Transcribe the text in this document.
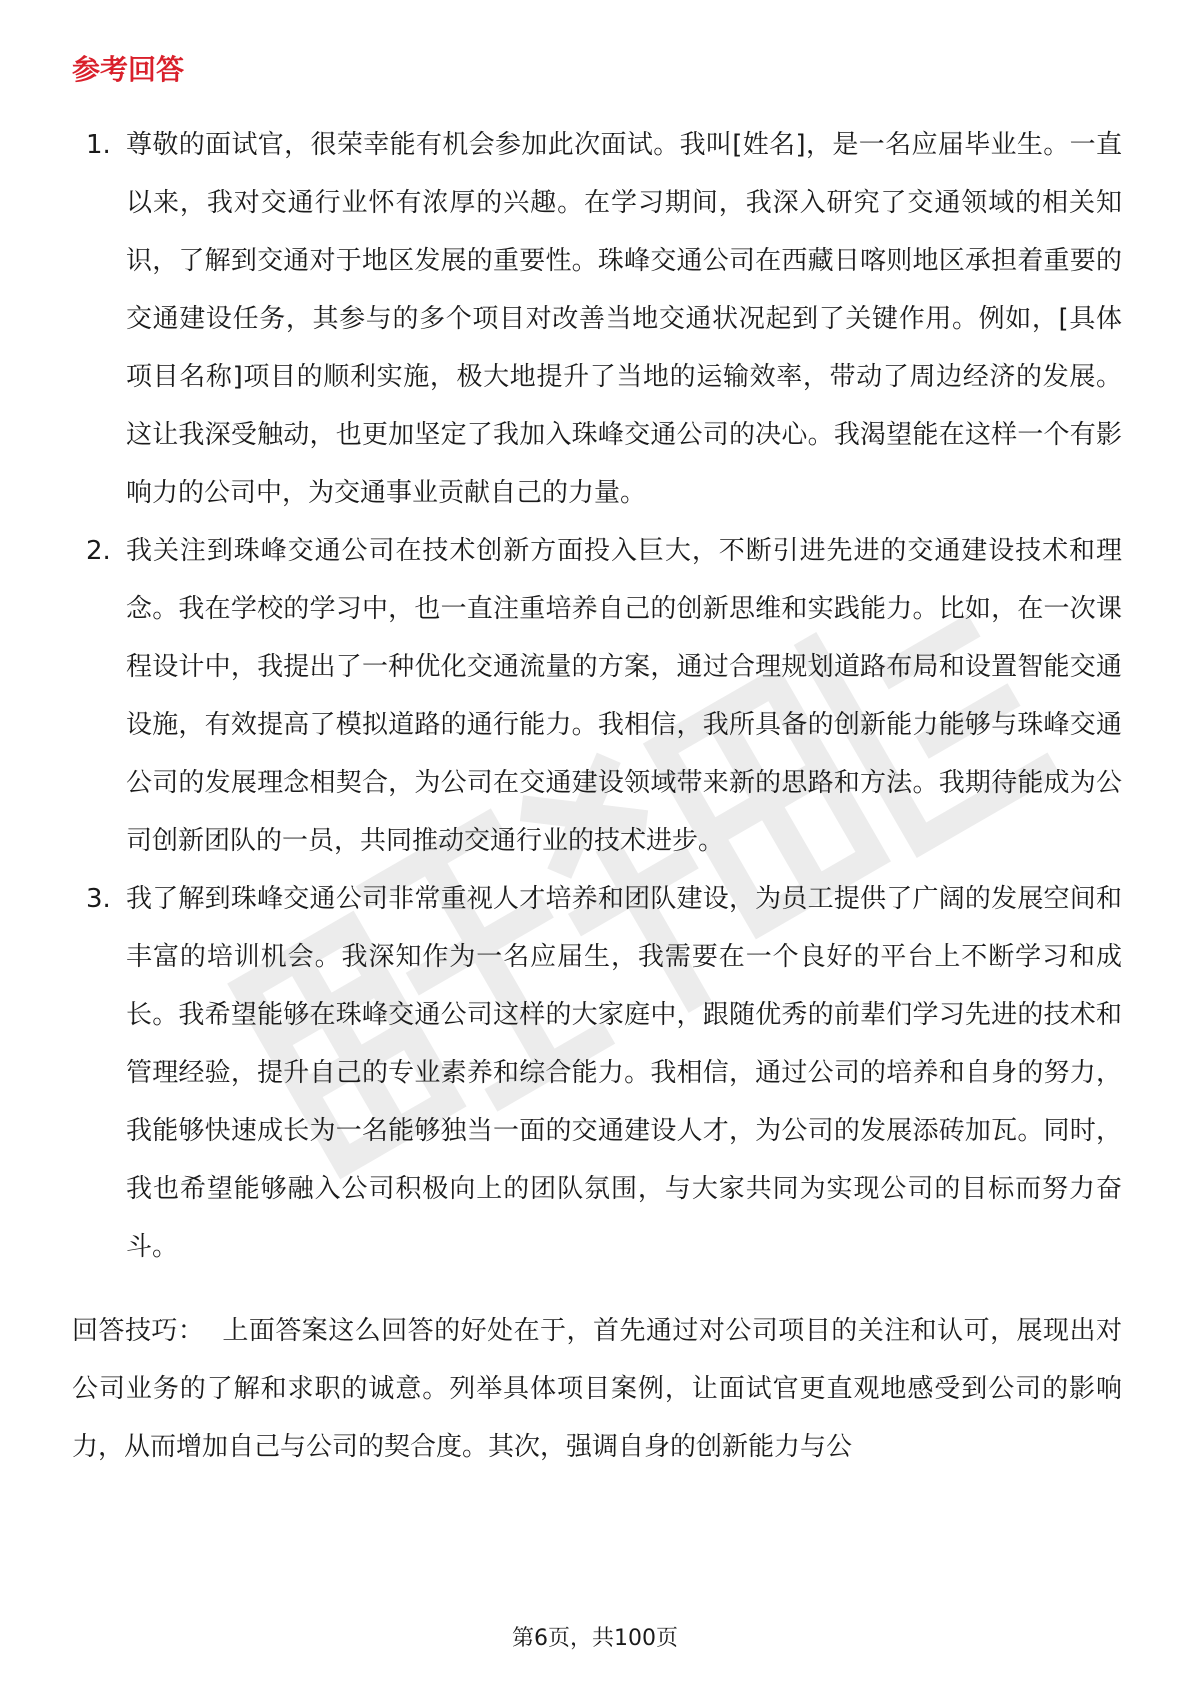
参考回答
1. 尊敬的面试官，很荣幸能有机会参加此次面试。我叫[姓名]，是一名应届毕业生。一直以来，我对交通行业怀有浓厚的兴趣。在学习期间，我深入研究了交通领域的相关知识，了解到交通对于地区发展的重要性。珠峰交通公司在西藏日喀则地区承担着重要的交通建设任务，其参与的多个项目对改善当地交通状况起到了关键作用。例如，[具体项目名称]项目的顺利实施，极大地提升了当地的运输效率，带动了周边经济的发展。这让我深受触动，也更加坚定了我加入珠峰交通公司的决心。我渴望能在这样一个有影响力的公司中，为交通事业贡献自己的力量。
2. 我关注到珠峰交通公司在技术创新方面投入巨大，不断引进先进的交通建设技术和理念。我在学校的学习中，也一直注重培养自己的创新思维和实践能力。比如，在一次课程设计中，我提出了一种优化交通流量的方案，通过合理规划道路布局和设置智能交通设施，有效提高了模拟道路的通行能力。我相信，我所具备的创新能力能够与珠峰交通公司的发展理念相契合，为公司在交通建设领域带来新的思路和方法。我期待能成为公司创新团队的一员，共同推动交通行业的技术进步。
3. 我了解到珠峰交通公司非常重视人才培养和团队建设，为员工提供了广阔的发展空间和丰富的培训机会。我深知作为一名应届生，我需要在一个良好的平台上不断学习和成长。我希望能够在珠峰交通公司这样的大家庭中，跟随优秀的前辈们学习先进的技术和管理经验，提升自己的专业素养和综合能力。我相信，通过公司的培养和自身的努力，我能够快速成长为一名能够独当一面的交通建设人才，为公司的发展添砖加瓦。同时，我也希望能够融入公司积极向上的团队氛围，与大家共同为实现公司的目标而努力奋斗。
回答技巧： 上面答案这么回答的好处在于，首先通过对公司项目的关注和认可，展现出对公司业务的了解和求职的诚意。列举具体项目案例，让面试官更直观地感受到公司的影响力，从而增加自己与公司的契合度。其次，强调自身的创新能力与公
第6页，共100页
